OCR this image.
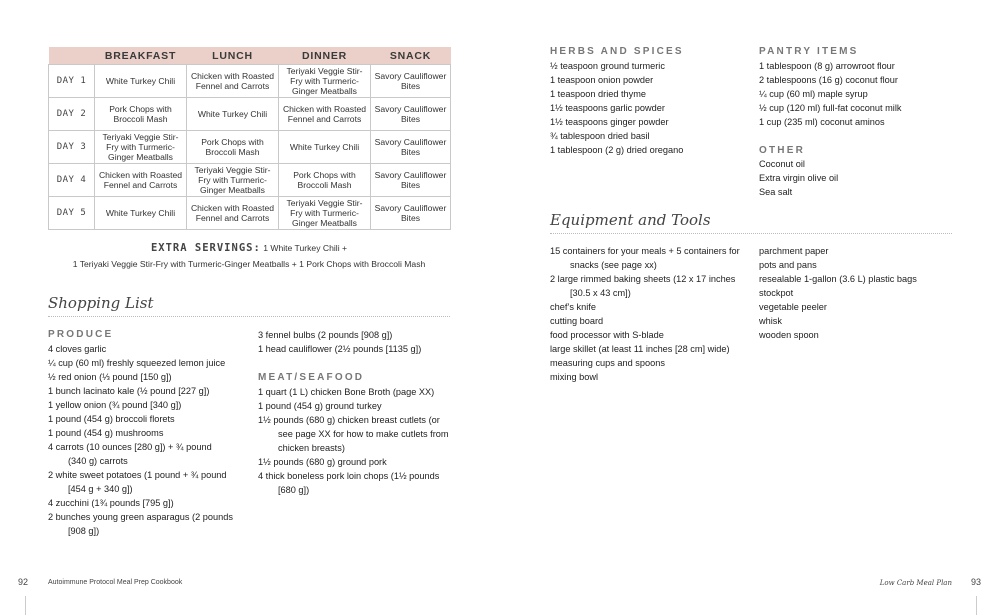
	BREAKFAST	LUNCH	DINNER	SNACK
DAY 1	White Turkey Chili	Chicken with Roasted Fennel and Carrots	Teriyaki Veggie Stir-Fry with Turmeric-Ginger Meatballs	Savory Cauliflower Bites
DAY 2	Pork Chops with Broccoli Mash	White Turkey Chili	Chicken with Roasted Fennel and Carrots	Savory Cauliflower Bites
DAY 3	Teriyaki Veggie Stir-Fry with Turmeric-Ginger Meatballs	Pork Chops with Broccoli Mash	White Turkey Chili	Savory Cauliflower Bites
DAY 4	Chicken with Roasted Fennel and Carrots	Teriyaki Veggie Stir-Fry with Turmeric-Ginger Meatballs	Pork Chops with Broccoli Mash	Savory Cauliflower Bites
DAY 5	White Turkey Chili	Chicken with Roasted Fennel and Carrots	Teriyaki Veggie Stir-Fry with Turmeric-Ginger Meatballs	Savory Cauliflower Bites
EXTRA SERVINGS: 1 White Turkey Chili +
1 Teriyaki Veggie Stir-Fry with Turmeric-Ginger Meatballs + 1 Pork Chops with Broccoli Mash
Shopping List
PRODUCE
4 cloves garlic
¼ cup (60 ml) freshly squeezed lemon juice
½ red onion (⅓ pound [150 g])
1 bunch lacinato kale (½ pound [227 g])
1 yellow onion (¾ pound [340 g])
1 pound (454 g) broccoli florets
1 pound (454 g) mushrooms
4 carrots (10 ounces [280 g]) + ¾ pound

(340 g) carrots
2 white sweet potatoes (1 pound + ¾ pound

[454 g + 340 g])
4 zucchini (1¾ pounds [795 g])
2 bunches young green asparagus (2 pounds

[908 g])
3 fennel bulbs (2 pounds [908 g])
1 head cauliflower (2½ pounds [1135 g])
MEAT/SEAFOOD
1 quart (1 L) chicken Bone Broth (page XX)
1 pound (454 g) ground turkey
1½ pounds (680 g) chicken breast cutlets (or

see page XX for how to make cutlets from
chicken breasts)
1½ pounds (680 g) ground pork
4 thick boneless pork loin chops (1½ pounds

[680 g])
HERBS AND SPICES
½ teaspoon ground turmeric
1 teaspoon onion powder
1 teaspoon dried thyme
1½ teaspoons garlic powder
1½ teaspoons ginger powder
¾ tablespoon dried basil
1 tablespoon (2 g) dried oregano
PANTRY ITEMS
1 tablespoon (8 g) arrowroot flour
2 tablespoons (16 g) coconut flour
¼ cup (60 ml) maple syrup
½ cup (120 ml) full-fat coconut milk
1 cup (235 ml) coconut aminos
OTHER
Coconut oil
Extra virgin olive oil
Sea salt
Equipment and Tools
15 containers for your meals + 5 containers for

snacks (see page xx)
2 large rimmed baking sheets (12 x 17 inches

[30.5 x 43 cm])
chef’s knife
cutting board
food processor with S-blade
large skillet (at least 11 inches [28 cm] wide)
measuring cups and spoons
mixing bowl
parchment paper
pots and pans
resealable 1-gallon (3.6 L) plastic bags
stockpot
vegetable peeler
whisk
wooden spoon
92	Autoimmune Protocol Meal Prep Cookbook	Low Carb Meal Plan 93
